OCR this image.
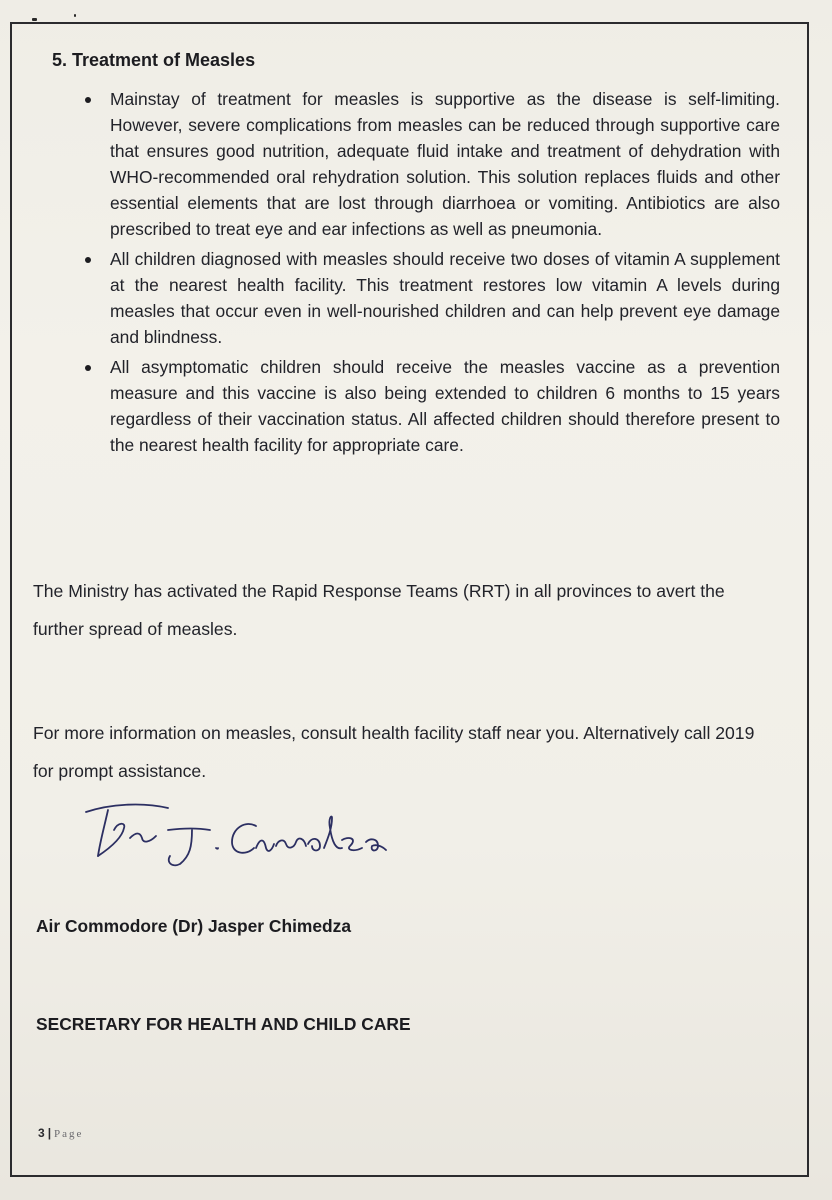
5. Treatment of Measles
Mainstay of treatment for measles is supportive as the disease is self-limiting. However, severe complications from measles can be reduced through supportive care that ensures good nutrition, adequate fluid intake and treatment of dehydration with WHO-recommended oral rehydration solution. This solution replaces fluids and other essential elements that are lost through diarrhoea or vomiting. Antibiotics are also prescribed to treat eye and ear infections as well as pneumonia.
All children diagnosed with measles should receive two doses of vitamin A supplement at the nearest health facility. This treatment restores low vitamin A levels during measles that occur even in well-nourished children and can help prevent eye damage and blindness.
All asymptomatic children should receive the measles vaccine as a prevention measure and this vaccine is also being extended to children 6 months to 15 years regardless of their vaccination status. All affected children should therefore present to the nearest health facility for appropriate care.

The Ministry has activated the Rapid Response Teams (RRT) in all provinces to avert the further spread of measles.

For more information on measles, consult health facility staff near you. Alternatively call 2019 for prompt assistance.

Air Commodore (Dr) Jasper Chimedza

SECRETARY FOR HEALTH AND CHILD CARE

3 | Page
